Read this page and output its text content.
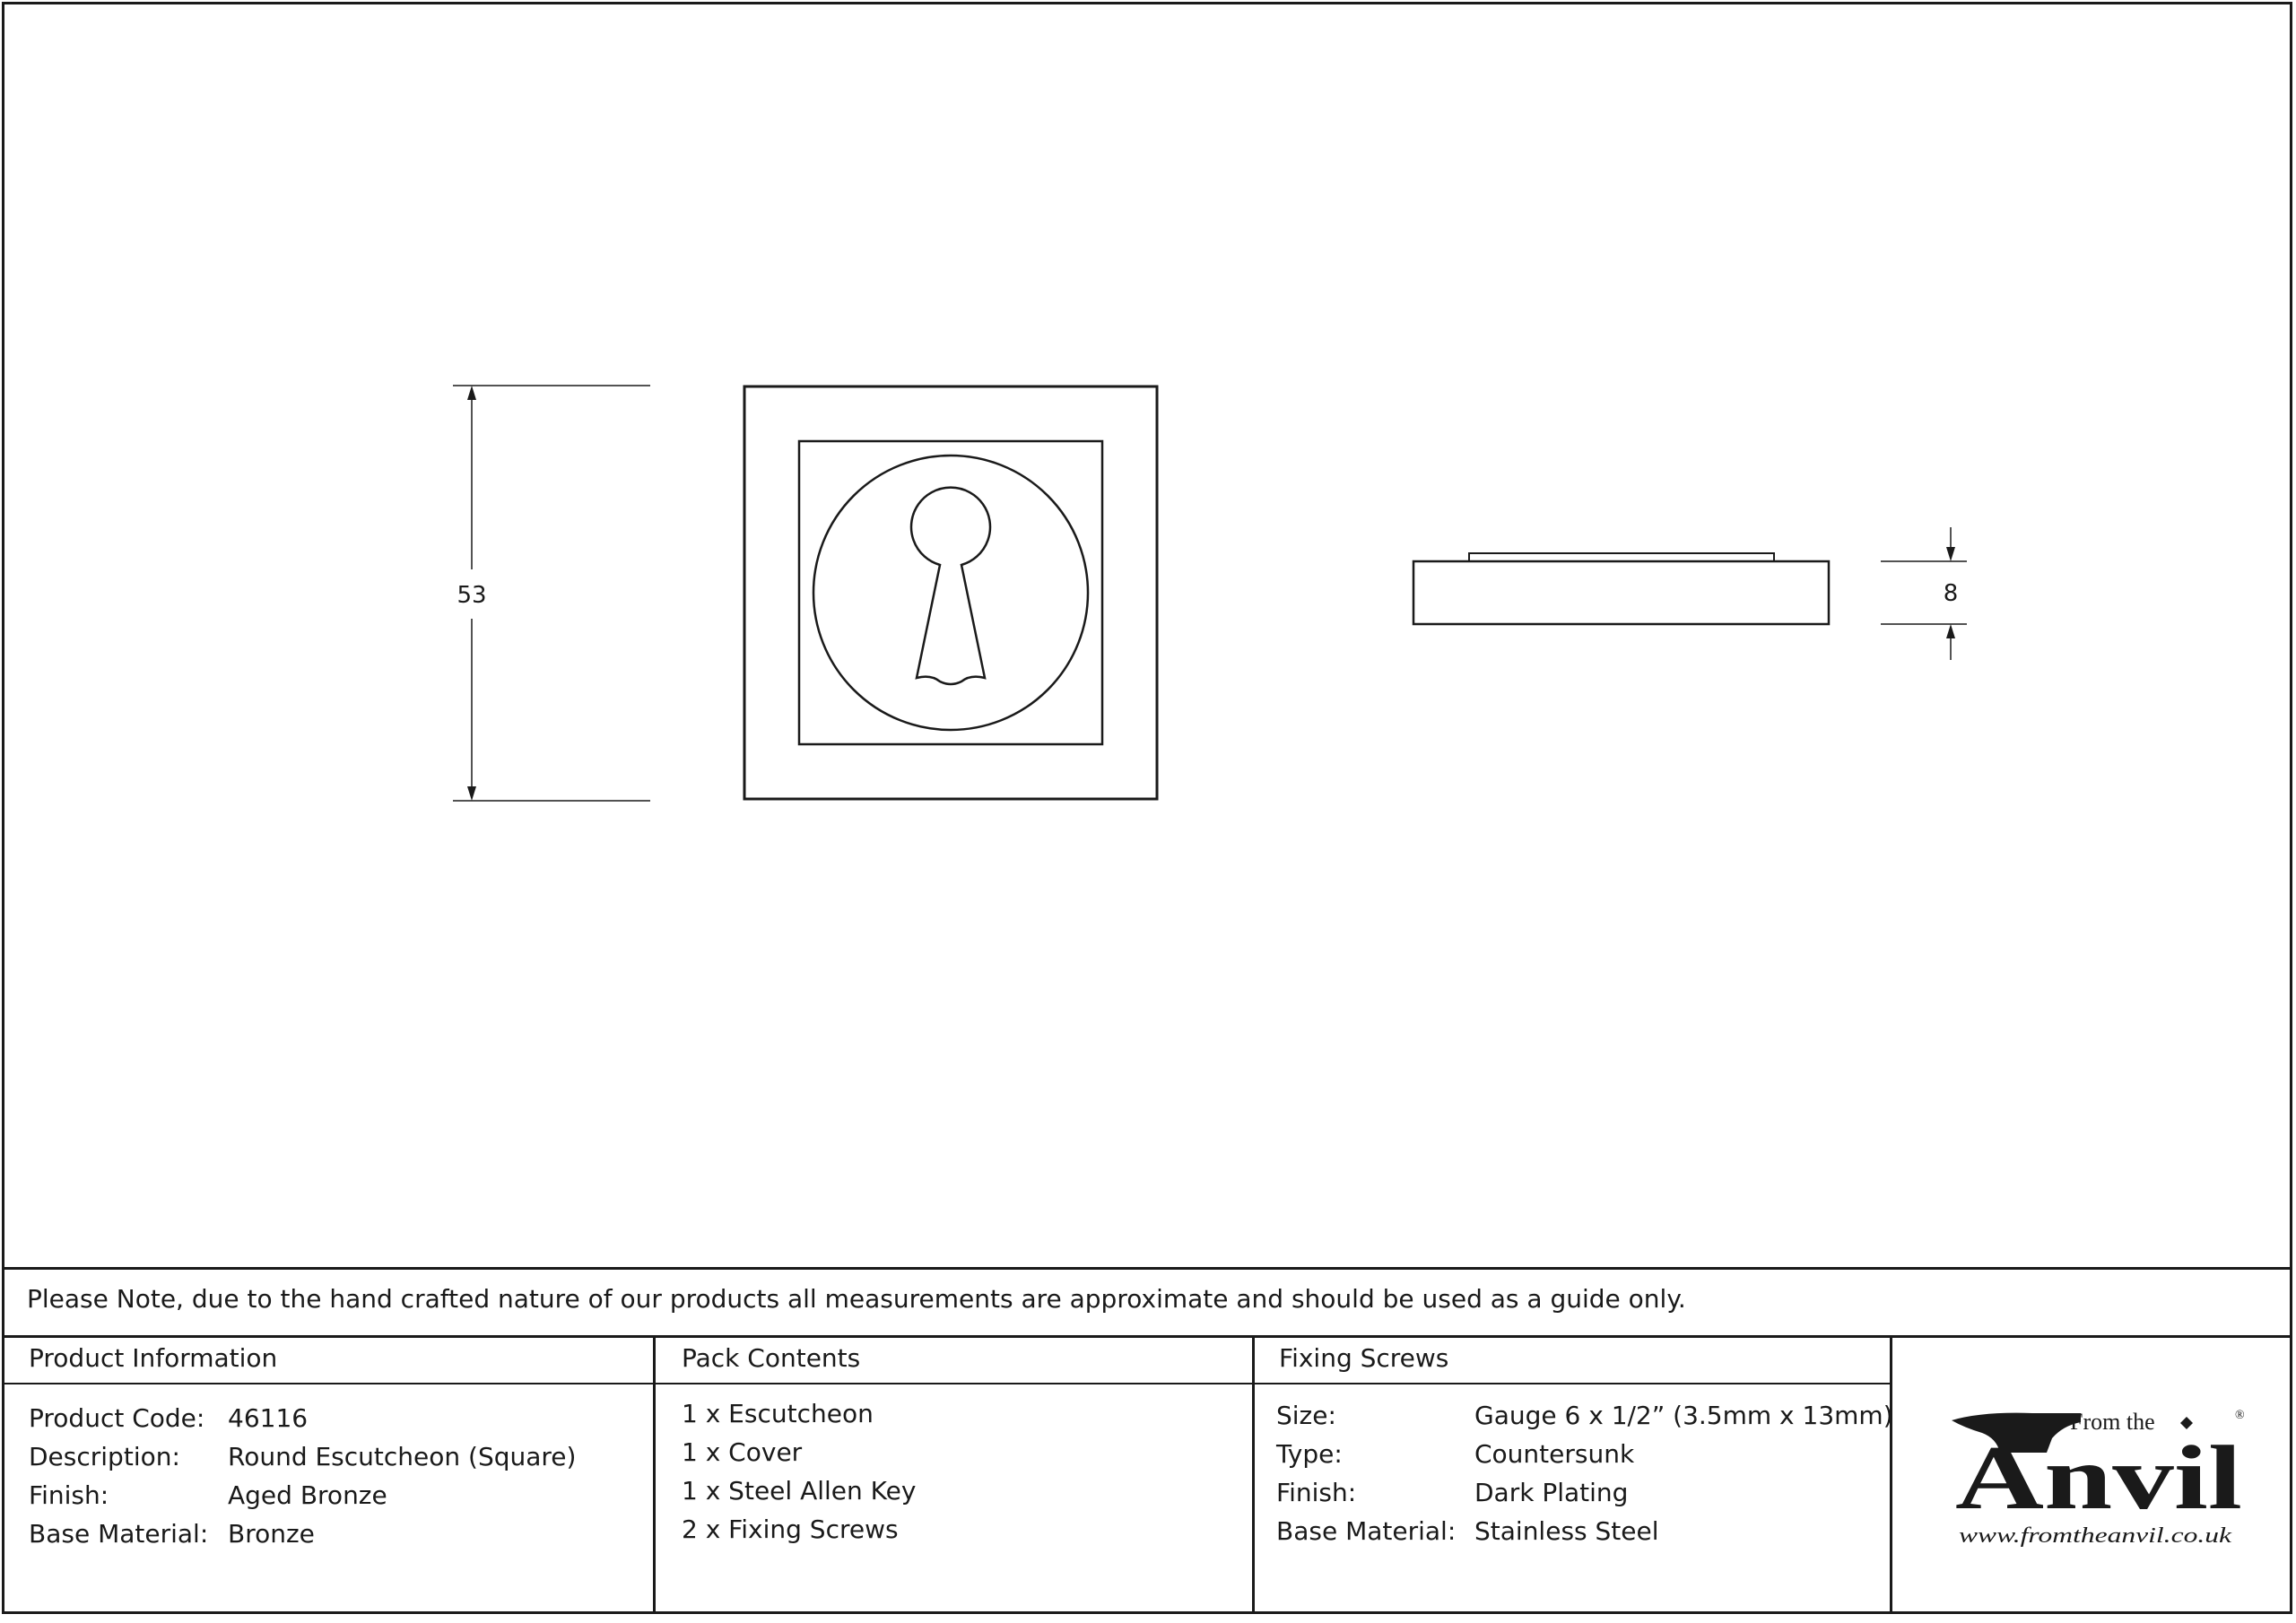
53	8
Please Note, due to the hand crafted nature of our products all measurements are approximate and should be used as a guide only.
Product Information
Product Code: 46116
Description: Round Escutcheon (Square)
Finish:	Aged Bronze
Base Material: Bronze
Pack Contents
1 x Escutcheon
1 x Cover
1 x Steel Allen Key
2 x Fixing Screws
Fixing Screws
Size:	Gauge 6 x 1/2” (3.5mm x 13mm)
Type:	Countersunk
Finish:	Dark Plating
Base Material: Stainless Steel
From the	®
Anvil
www.fromtheanvil.co.uk
